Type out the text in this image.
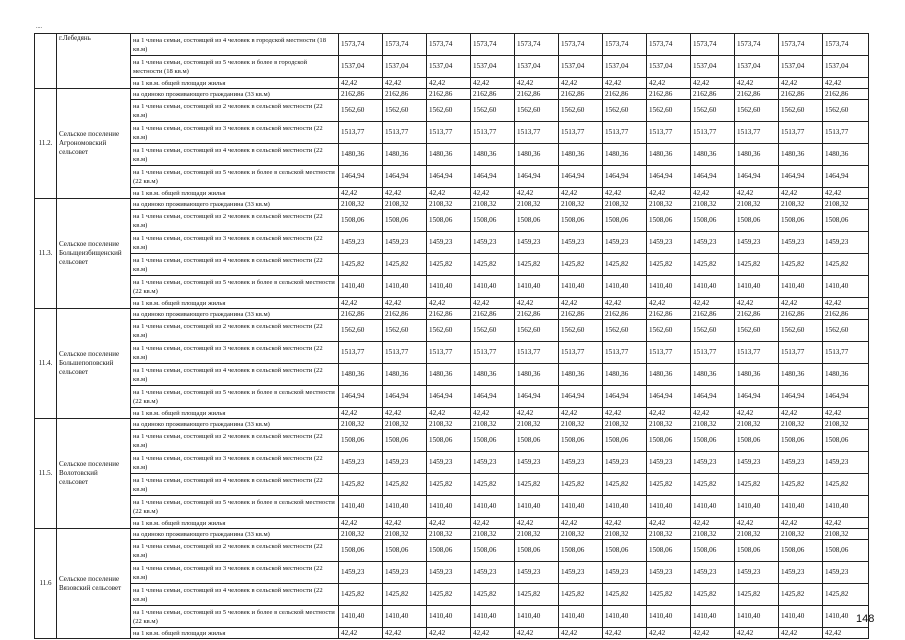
....
	г.Лебедянь	на 1 члена семьи, состоящей из 4 человек в городской местности (18 кв.м)	1573,74	1573,74	1573,74	1573,74	1573,74	1573,74	1573,74	1573,74	1573,74	1573,74	1573,74	1573,74
		на 1 члена семьи, состоящей из 5 человек и более в городской местности (18 кв.м)	1537,04	1537,04	1537,04	1537,04	1537,04	1537,04	1537,04	1537,04	1537,04	1537,04	1537,04	1537,04
		на 1 кв.м. общей площади жилья	42,42	42,42	42,42	42,42	42,42	42,42	42,42	42,42	42,42	42,42	42,42	42,42
11.2.	Сельское поселение Агрономовский сельсовет	на одиноко проживающего гражданина (33 кв.м)	2162,86	2162,86	2162,86	2162,86	2162,86	2162,86	2162,86	2162,86	2162,86	2162,86	2162,86	2162,86
		на 1 члена семьи, состоящей из 2 человек в сельской местности (22 кв.м)	1562,60	1562,60	1562,60	1562,60	1562,60	1562,60	1562,60	1562,60	1562,60	1562,60	1562,60	1562,60
		на 1 члена семьи, состоящей из 3 человек в сельской местности (22 кв.м)	1513,77	1513,77	1513,77	1513,77	1513,77	1513,77	1513,77	1513,77	1513,77	1513,77	1513,77	1513,77
		на 1 члена семьи, состоящей из 4 человек в сельской местности (22 кв.м)	1480,36	1480,36	1480,36	1480,36	1480,36	1480,36	1480,36	1480,36	1480,36	1480,36	1480,36	1480,36
		на 1 члена семьи, состоящей из 5 человек и более в сельской местности (22 кв.м)	1464,94	1464,94	1464,94	1464,94	1464,94	1464,94	1464,94	1464,94	1464,94	1464,94	1464,94	1464,94
		на 1 кв.м. общей площади жилья	42,42	42,42	42,42	42,42	42,42	42,42	42,42	42,42	42,42	42,42	42,42	42,42
11.3.	Сельское поселение Больщеизбищенский сельсовет	на одиноко проживающего гражданина (33 кв.м)	2108,32	2108,32	2108,32	2108,32	2108,32	2108,32	2108,32	2108,32	2108,32	2108,32	2108,32	2108,32
		на 1 члена семьи, состоящей из 2 человек в сельской местности (22 кв.м)	1508,06	1508,06	1508,06	1508,06	1508,06	1508,06	1508,06	1508,06	1508,06	1508,06	1508,06	1508,06
		на 1 члена семьи, состоящей из 3 человек в сельской местности (22 кв.м)	1459,23	1459,23	1459,23	1459,23	1459,23	1459,23	1459,23	1459,23	1459,23	1459,23	1459,23	1459,23
		на 1 члена семьи, состоящей из 4 человек в сельской местности (22 кв.м)	1425,82	1425,82	1425,82	1425,82	1425,82	1425,82	1425,82	1425,82	1425,82	1425,82	1425,82	1425,82
		на 1 члена семьи, состоящей из 5 человек и более в сельской местности (22 кв.м)	1410,40	1410,40	1410,40	1410,40	1410,40	1410,40	1410,40	1410,40	1410,40	1410,40	1410,40	1410,40
		на 1 кв.м. общей площади жилья	42,42	42,42	42,42	42,42	42,42	42,42	42,42	42,42	42,42	42,42	42,42	42,42
11.4.	Сельское поселение Большепоповский сельсовет	на одиноко проживающего гражданина (33 кв.м)	2162,86	2162,86	2162,86	2162,86	2162,86	2162,86	2162,86	2162,86	2162,86	2162,86	2162,86	2162,86
		на 1 члена семьи, состоящей из 2 человек в сельской местности (22 кв.м)	1562,60	1562,60	1562,60	1562,60	1562,60	1562,60	1562,60	1562,60	1562,60	1562,60	1562,60	1562,60
		на 1 члена семьи, состоящей из 3 человек в сельской местности (22 кв.м)	1513,77	1513,77	1513,77	1513,77	1513,77	1513,77	1513,77	1513,77	1513,77	1513,77	1513,77	1513,77
		на 1 члена семьи, состоящей из 4 человек в сельской местности (22 кв.м)	1480,36	1480,36	1480,36	1480,36	1480,36	1480,36	1480,36	1480,36	1480,36	1480,36	1480,36	1480,36
		на 1 члена семьи, состоящей из 5 человек и более в сельской местности (22 кв.м)	1464,94	1464,94	1464,94	1464,94	1464,94	1464,94	1464,94	1464,94	1464,94	1464,94	1464,94	1464,94
		на 1 кв.м. общей площади жилья	42,42	42,42	42,42	42,42	42,42	42,42	42,42	42,42	42,42	42,42	42,42	42,42
11.5.	Сельское поселение Волотовский сельсовет	на одиноко проживающего гражданина (33 кв.м)	2108,32	2108,32	2108,32	2108,32	2108,32	2108,32	2108,32	2108,32	2108,32	2108,32	2108,32	2108,32
		на 1 члена семьи, состоящей из 2 человек в сельской местности (22 кв.м)	1508,06	1508,06	1508,06	1508,06	1508,06	1508,06	1508,06	1508,06	1508,06	1508,06	1508,06	1508,06
		на 1 члена семьи, состоящей из 3 человек в сельской местности (22 кв.м)	1459,23	1459,23	1459,23	1459,23	1459,23	1459,23	1459,23	1459,23	1459,23	1459,23	1459,23	1459,23
		на 1 члена семьи, состоящей из 4 человек в сельской местности (22 кв.м)	1425,82	1425,82	1425,82	1425,82	1425,82	1425,82	1425,82	1425,82	1425,82	1425,82	1425,82	1425,82
		на 1 члена семьи, состоящей из 5 человек и более в сельской местности (22 кв.м)	1410,40	1410,40	1410,40	1410,40	1410,40	1410,40	1410,40	1410,40	1410,40	1410,40	1410,40	1410,40
		на 1 кв.м. общей площади жилья	42,42	42,42	42,42	42,42	42,42	42,42	42,42	42,42	42,42	42,42	42,42	42,42
11.6	Сельское поселение Вязовский сельсовет	на одиноко проживающего гражданина (33 кв.м)	2108,32	2108,32	2108,32	2108,32	2108,32	2108,32	2108,32	2108,32	2108,32	2108,32	2108,32	2108,32
		на 1 члена семьи, состоящей из 2 человек в сельской местности (22 кв.м)	1508,06	1508,06	1508,06	1508,06	1508,06	1508,06	1508,06	1508,06	1508,06	1508,06	1508,06	1508,06
		на 1 члена семьи, состоящей из 3 человек в сельской местности (22 кв.м)	1459,23	1459,23	1459,23	1459,23	1459,23	1459,23	1459,23	1459,23	1459,23	1459,23	1459,23	1459,23
		на 1 члена семьи, состоящей из 4 человек в сельской местности (22 кв.м)	1425,82	1425,82	1425,82	1425,82	1425,82	1425,82	1425,82	1425,82	1425,82	1425,82	1425,82	1425,82
		на 1 члена семьи, состоящей из 5 человек и более в сельской местности (22 кв.м)	1410,40	1410,40	1410,40	1410,40	1410,40	1410,40	1410,40	1410,40	1410,40	1410,40	1410,40	1410,40
		на 1 кв.м. общей площади жилья	42,42	42,42	42,42	42,42	42,42	42,42	42,42	42,42	42,42	42,42	42,42	42,42
148
